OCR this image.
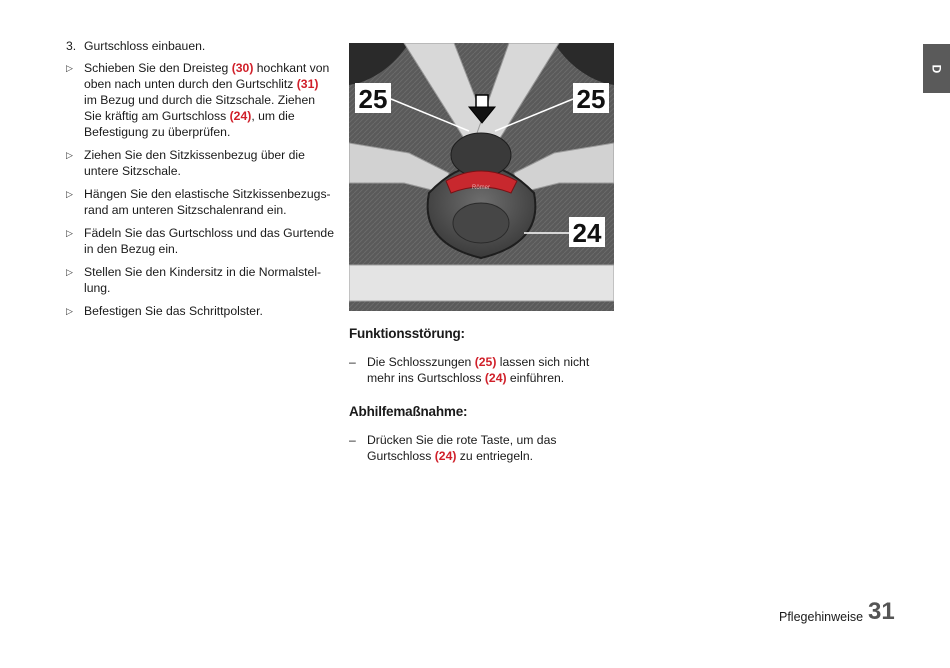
3. Gurtschloss einbauen.
▷ Schieben Sie den Dreisteg (30) hochkant von oben nach unten durch den Gurtschlitz (31) im Bezug und durch die Sitzschale. Ziehen Sie kräftig am Gurtschloss (24), um die Befestigung zu überprüfen.
▷ Ziehen Sie den Sitzkissenbezug über die untere Sitzschale.
▷ Hängen Sie den elastische Sitzkissenbezugsrand am unteren Sitzschalenrand ein.
▷ Fädeln Sie das Gurtschloss und das Gurtende in den Bezug ein.
▷ Stellen Sie den Kindersitz in die Normalstellung.
▷ Befestigen Sie das Schrittpolster.
Römer
25	25
24
Funktionsstörung:
– Die Schlosszungen (25) lassen sich nicht mehr ins Gurtschloss (24) einführen.
Abhilfemaßnahme:
– Drücken Sie die rote Taste, um das Gurtschloss (24) zu entriegeln.
D
Pflegehinweise 31
